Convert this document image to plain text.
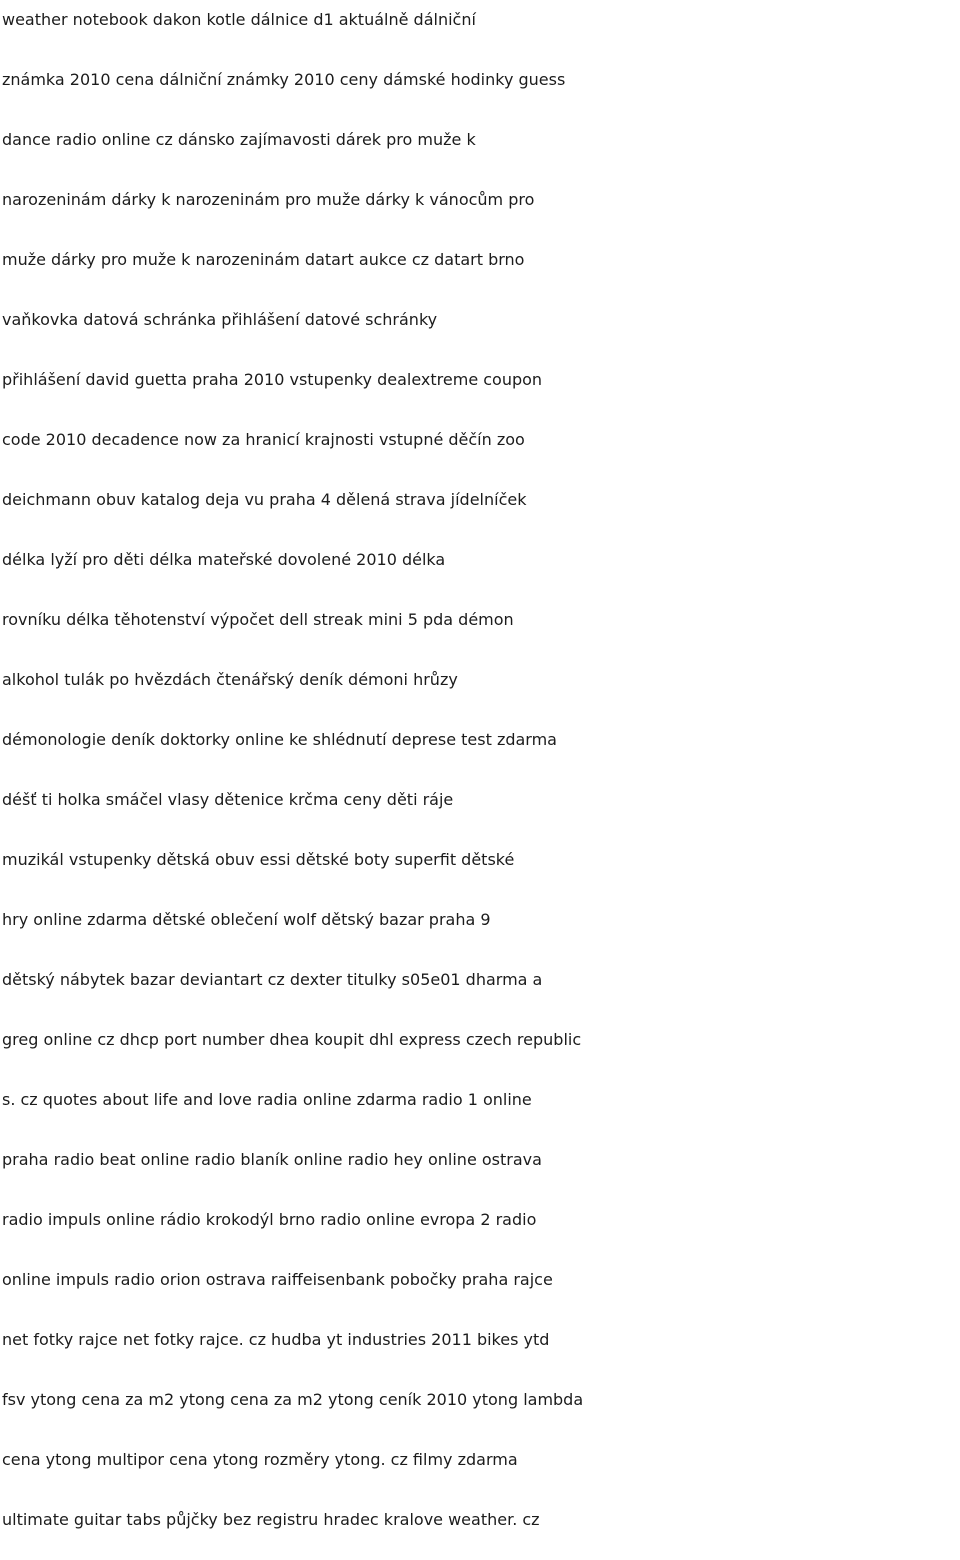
weather notebook dakon kotle dálnice d1 aktuálně dálniční
známka 2010 cena dálniční známky 2010 ceny dámské hodinky guess
dance radio online cz dánsko zajímavosti dárek pro muže k
narozeninám dárky k narozeninám pro muže dárky k vánocům pro
muže dárky pro muže k narozeninám datart aukce cz datart brno
vaňkovka datová schránka přihlášení datové schránky
přihlášení david guetta praha 2010 vstupenky dealextreme coupon
code 2010 decadence now za hranicí krajnosti vstupné děčín zoo
deichmann obuv katalog deja vu praha 4 dělená strava jídelníček
délka lyží pro děti délka mateřské dovolené 2010 délka
rovníku délka těhotenství výpočet dell streak mini 5 pda démon
alkohol tulák po hvězdách čtenářský deník démoni hrůzy
démonologie deník doktorky online ke shlédnutí deprese test zdarma
déšť ti holka smáčel vlasy dětenice krčma ceny děti ráje
muzikál vstupenky dětská obuv essi dětské boty superfit dětské
hry online zdarma dětské oblečení wolf dětský bazar praha 9
dětský nábytek bazar deviantart cz dexter titulky s05e01 dharma a
greg online cz dhcp port number dhea koupit dhl express czech republic
s. cz quotes about life and love radia online zdarma radio 1 online
praha radio beat online radio blaník online radio hey online ostrava
radio impuls online rádio krokodýl brno radio online evropa 2 radio
online impuls radio orion ostrava raiffeisenbank pobočky praha rajce
net fotky rajce net fotky rajce. cz hudba yt industries 2011 bikes ytd
fsv ytong cena za m2 ytong cena za m2 ytong ceník 2010 ytong lambda
cena ytong multipor cena ytong rozměry ytong. cz filmy zdarma
ultimate guitar tabs půjčky bez registru hradec kralove weather. cz
